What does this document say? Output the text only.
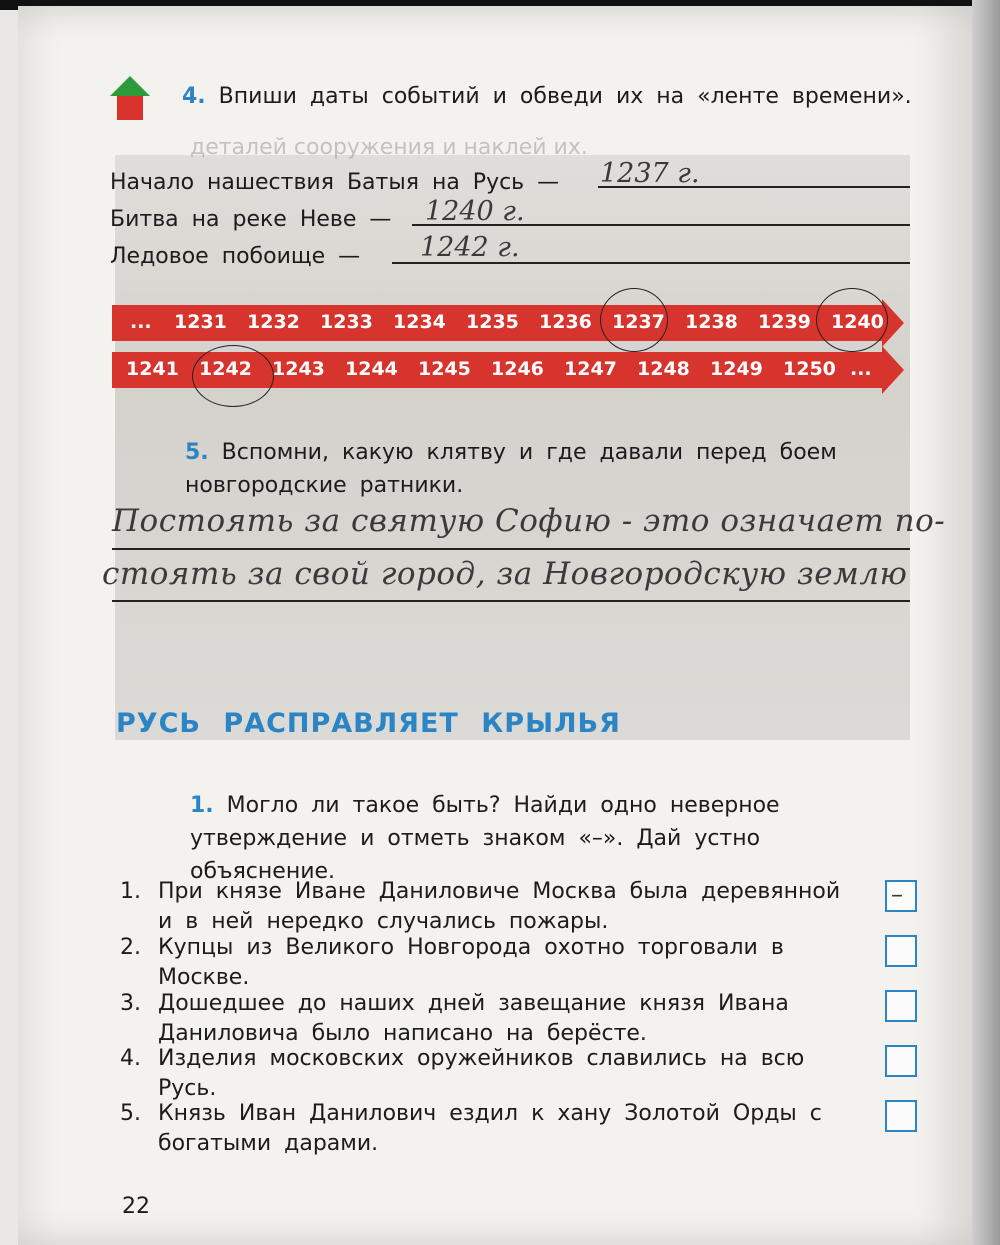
деталей сооружения и наклей их.
4. Впиши даты событий и обведи их на «ленте времени».
Начало нашествия Батыя на Русь — 1237 г.
Битва на реке Неве — 1240 г.
Ледовое побоище — 1242 г.
... 1231 1232 1233 1234 1235 1236 1237 1238 1239 1240
1241 1242 1243 1244 1245 1246 1247 1248 1249 1250 ...
5. Вспомни, какую клятву и где давали перед боем новгородские ратники.
Постоять за святую Софию - это означает по-
стоять за свой город, за Новгородскую землю
РУСЬ РАСПРАВЛЯЕТ КРЫЛЬЯ
1. Могло ли такое быть? Найди одно неверное утверждение и отметь знаком «–». Дай устно объяснение.
1. При князе Иване Даниловиче Москва была деревянной и в ней нередко случались пожары.
–
2. Купцы из Великого Новгорода охотно торговали в Москве.
3. Дошедшее до наших дней завещание князя Ивана Даниловича было написано на берёсте.
4. Изделия московских оружейников славились на всю Русь.
5. Князь Иван Данилович ездил к хану Золотой Орды с богатыми дарами.
22
